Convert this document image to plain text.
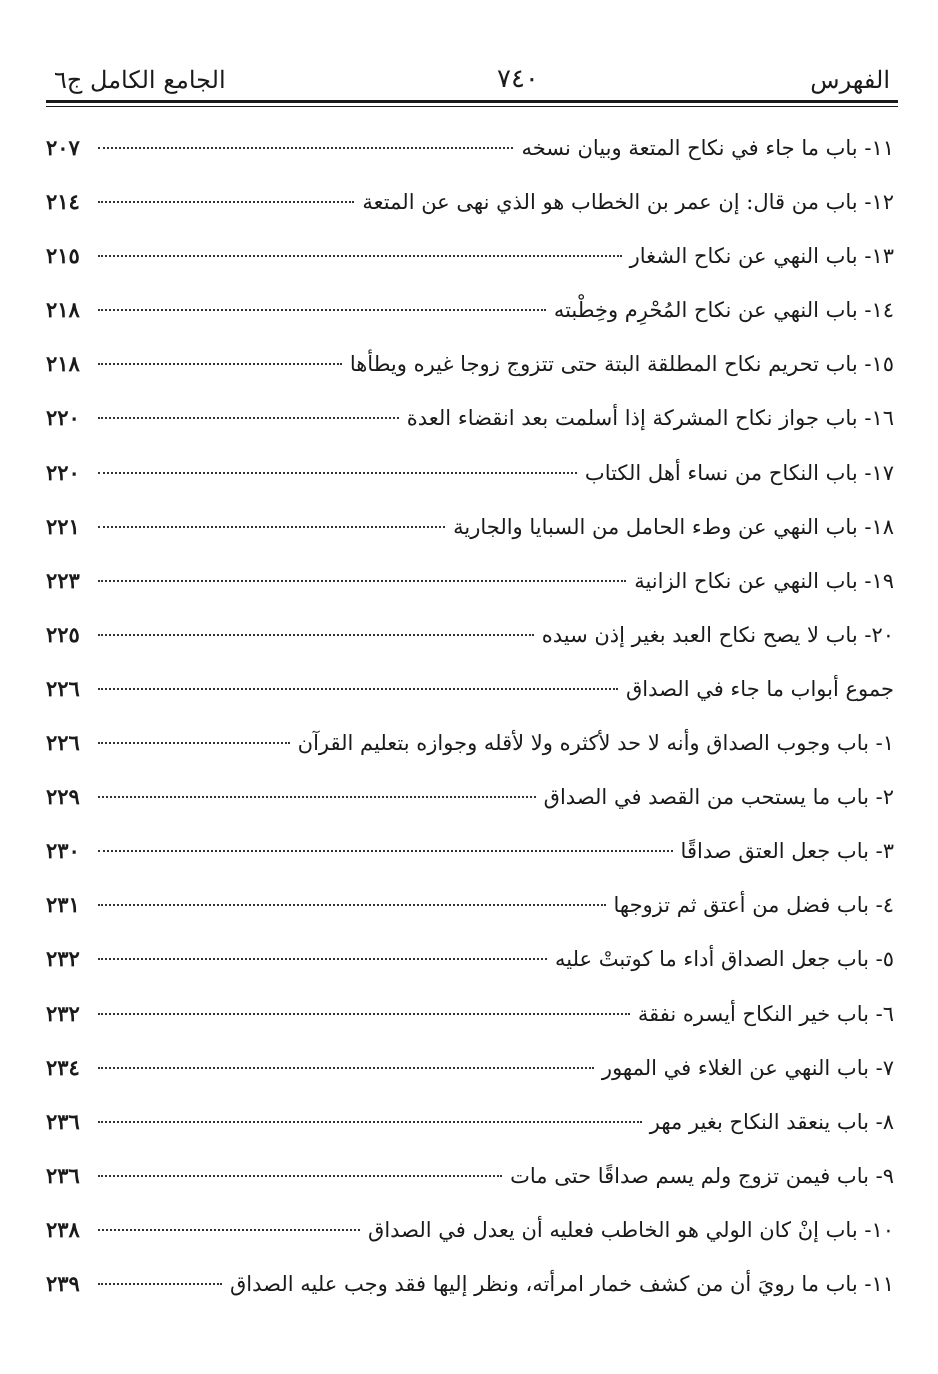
الفهرس
٧٤٠
الجامع الكامل ج٦
١١- باب ما جاء في نكاح المتعة وبيان نسخه
٢٠٧
١٢- باب من قال: إن عمر بن الخطاب هو الذي نهى عن المتعة
٢١٤
١٣- باب النهي عن نكاح الشغار
٢١٥
١٤- باب النهي عن نكاح المُحْرِم وخِطْبته
٢١٨
١٥- باب تحريم نكاح المطلقة البتة حتى تتزوج زوجا غيره ويطأها
٢١٨
١٦- باب جواز نكاح المشركة إذا أسلمت بعد انقضاء العدة
٢٢٠
١٧- باب النكاح من نساء أهل الكتاب
٢٢٠
١٨- باب النهي عن وطء الحامل من السبايا والجارية
٢٢١
١٩- باب النهي عن نكاح الزانية
٢٢٣
٢٠- باب لا يصح نكاح العبد بغير إذن سيده
٢٢٥
جموع أبواب ما جاء في الصداق
٢٢٦
١- باب وجوب الصداق وأنه لا حد لأكثره ولا لأقله وجوازه بتعليم القرآن
٢٢٦
٢- باب ما يستحب من القصد في الصداق
٢٢٩
٣- باب جعل العتق صداقًا
٢٣٠
٤- باب فضل من أعتق ثم تزوجها
٢٣١
٥- باب جعل الصداق أداء ما كوتبتْ عليه
٢٣٢
٦- باب خير النكاح أيسره نفقة
٢٣٢
٧- باب النهي عن الغلاء في المهور
٢٣٤
٨- باب ينعقد النكاح بغير مهر
٢٣٦
٩- باب فيمن تزوج ولم يسم صداقًا حتى مات
٢٣٦
١٠- باب إنْ كان الولي هو الخاطب فعليه أن يعدل في الصداق
٢٣٨
١١- باب ما رويَ أن من كشف خمار امرأته، ونظر إليها فقد وجب عليه الصداق
٢٣٩
